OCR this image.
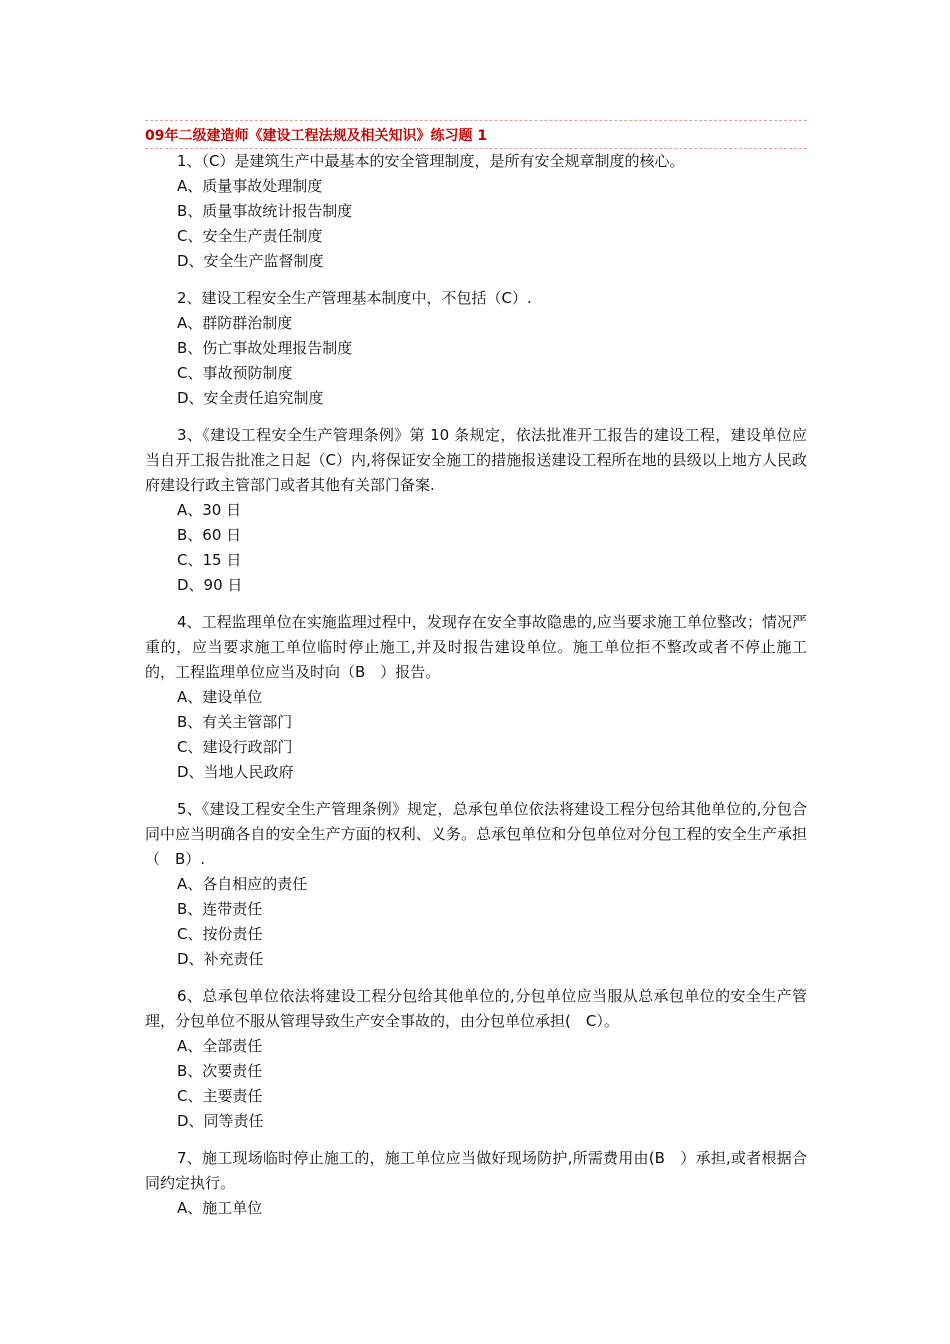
09年二级建造师《建设工程法规及相关知识》练习题 1

1、（C）是建筑生产中最基本的安全管理制度，是所有安全规章制度的核心。

A、质量事故处理制度

B、质量事故统计报告制度

C、安全生产责任制度

D、安全生产监督制度

2、建设工程安全生产管理基本制度中，不包括（C）.

A、群防群治制度

B、伤亡事故处理报告制度

C、事故预防制度

D、安全责任追究制度

3、《建设工程安全生产管理条例》第 10 条规定，依法批准开工报告的建设工程，建设单位应当自开工报告批准之日起（C）内,将保证安全施工的措施报送建设工程所在地的县级以上地方人民政府建设行政主管部门或者其他有关部门备案.

A、30 日

B、60 日

C、15 日

D、90 日

4、工程监理单位在实施监理过程中，发现存在安全事故隐患的,应当要求施工单位整改；情况严重的，应当要求施工单位临时停止施工,并及时报告建设单位。施工单位拒不整改或者不停止施工的，工程监理单位应当及时向（B　）报告。

A、建设单位

B、有关主管部门

C、建设行政部门

D、当地人民政府

5、《建设工程安全生产管理条例》规定，总承包单位依法将建设工程分包给其他单位的,分包合同中应当明确各自的安全生产方面的权利、义务。总承包单位和分包单位对分包工程的安全生产承担（　B）.

A、各自相应的责任

B、连带责任

C、按份责任

D、补充责任

6、总承包单位依法将建设工程分包给其他单位的,分包单位应当服从总承包单位的安全生产管理，分包单位不服从管理导致生产安全事故的，由分包单位承担(　C）。

A、全部责任

B、次要责任

C、主要责任

D、同等责任

7、施工现场临时停止施工的，施工单位应当做好现场防护,所需费用由(B　）承担,或者根据合同约定执行。

A、施工单位
